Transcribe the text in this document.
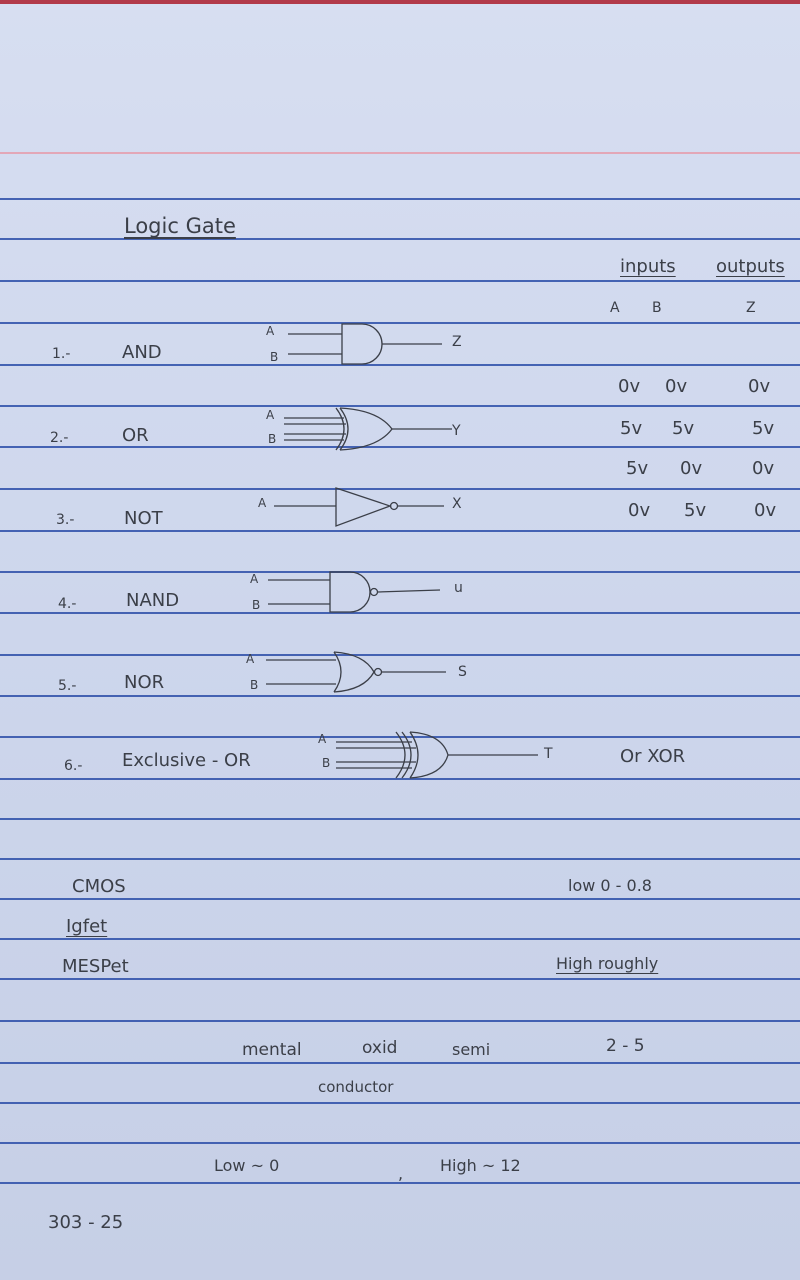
Logic Gate
inputs outputs
A B	Z
0v 0v	0v
5v 5v	5v
5v 0v	0v
0v 5v	0v
1.-	AND
A
B
Z
2.-	OR
A
B	Y
3.-	NOT
A	X
4.-	NAND
A
B
u
5.-	NOR
A
B
S
6.- Exclusive - OR
A
B
T	Or XOR
CMOS
Igfet
MESPet
low 0 - 0.8
High roughly
2 - 5
mental	oxid	semi
conductor
Low ~ 0	, High ~ 12
303 - 25
